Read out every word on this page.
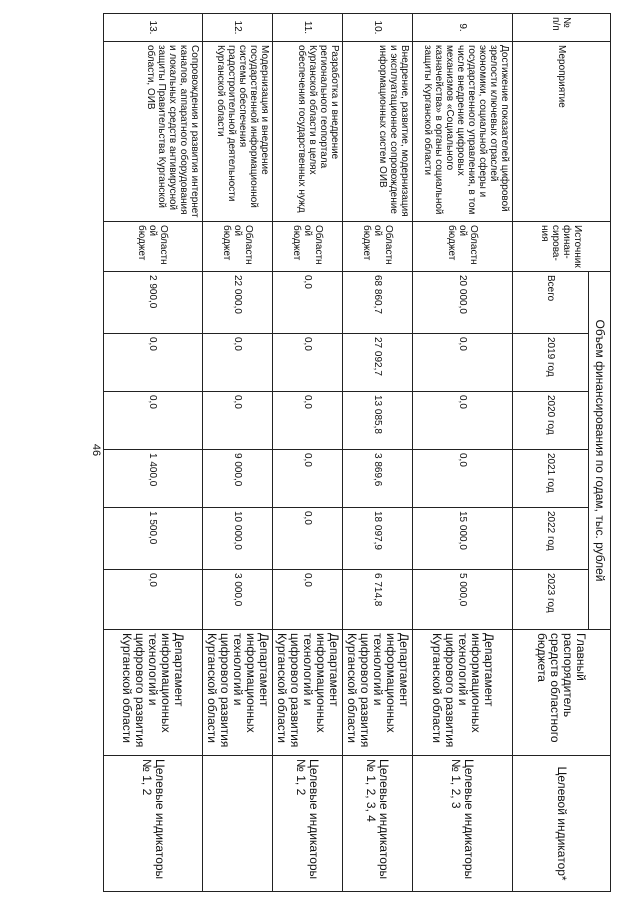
46
№ п/п	Мероприятие	Источник финан-сирова-ния	Объем финансирования по годам, тыс. рублей						Главный распорядитель средств областного бюджета	Целевой индикатор*
			Всего	2019 год	2020 год	2021 год	2022 год	2023 год		
9.	Достижение показателей цифровой зрелости ключевых отраслей экономики, социальной сферы и государственного управления, в том числе внедрение цифровых механизмов «Социального казначейства» в органы социальной защиты Курганской области	Областной бюджет	20 000,0	0,0	0,0	0,0	15 000,0	5 000,0	Департамент информационных технологий и цифрового развития Курганской области	Целевые индикаторы № 1, 2, 3
10.	Внедрение, развитие, модернизация и эксплуатационное сопровождение информационных систем ОИВ	Областной бюджет	68 860,7	27 092,7	13 085,8	3 869,6	18 097,9	6 714,8	Департамент информационных технологий и цифрового развития Курганской области	Целевые индикаторы № 1, 2, 3, 4
11.	Разработка и внедрение регионального геопортала Курганской области в целях обеспечения государственных нужд	Областной бюджет	0,0	0,0	0,0	0,0	0,0	0,0	Департамент информационных технологий и цифрового развития Курганской области	Целевые индикаторы № 1, 2
12.	Модернизация и внедрение государственной информационной системы обеспечения градостроительной деятельности Курганской области	Областной бюджет	22 000,0	0,0	0,0	9 000,0	10 000,0	3 000,0	Департамент информационных технологий и цифрового развития Курганской области	
13.	Сопровождения и развития интернет каналов, аппаратного оборудования и локальных средств антивирусной защиты Правительства Курганской области, ОИВ	Областной бюджет	2 900,0	0,0	0,0	1 400,0	1 500,0	0,0	Департамент информационных технологий и цифрового развития Курганской области	Целевые индикаторы № 1, 2
